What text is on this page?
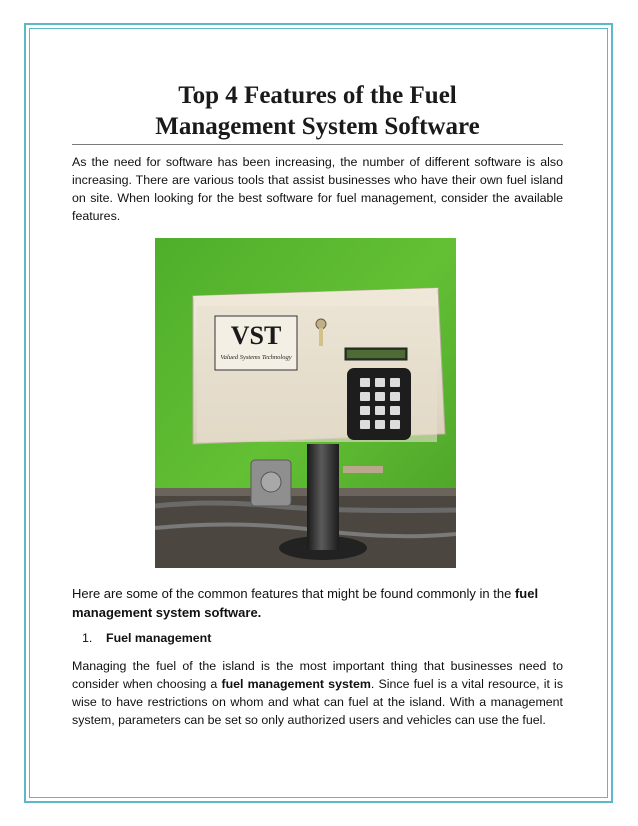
Top 4 Features of the Fuel
Management System Software
As the need for software has been increasing, the number of different software is also increasing. There are various tools that assist businesses who have their own fuel island on site. When looking for the best software for fuel management, consider the available features.
VST
Valued Systems Technology
Here are some of the common features that might be found commonly in the fuel management system software.
1. Fuel management
Managing the fuel of the island is the most important thing that businesses need to consider when choosing a fuel management system. Since fuel is a vital resource, it is wise to have restrictions on whom and what can fuel at the island. With a management system, parameters can be set so only authorized users and vehicles can use the fuel.
